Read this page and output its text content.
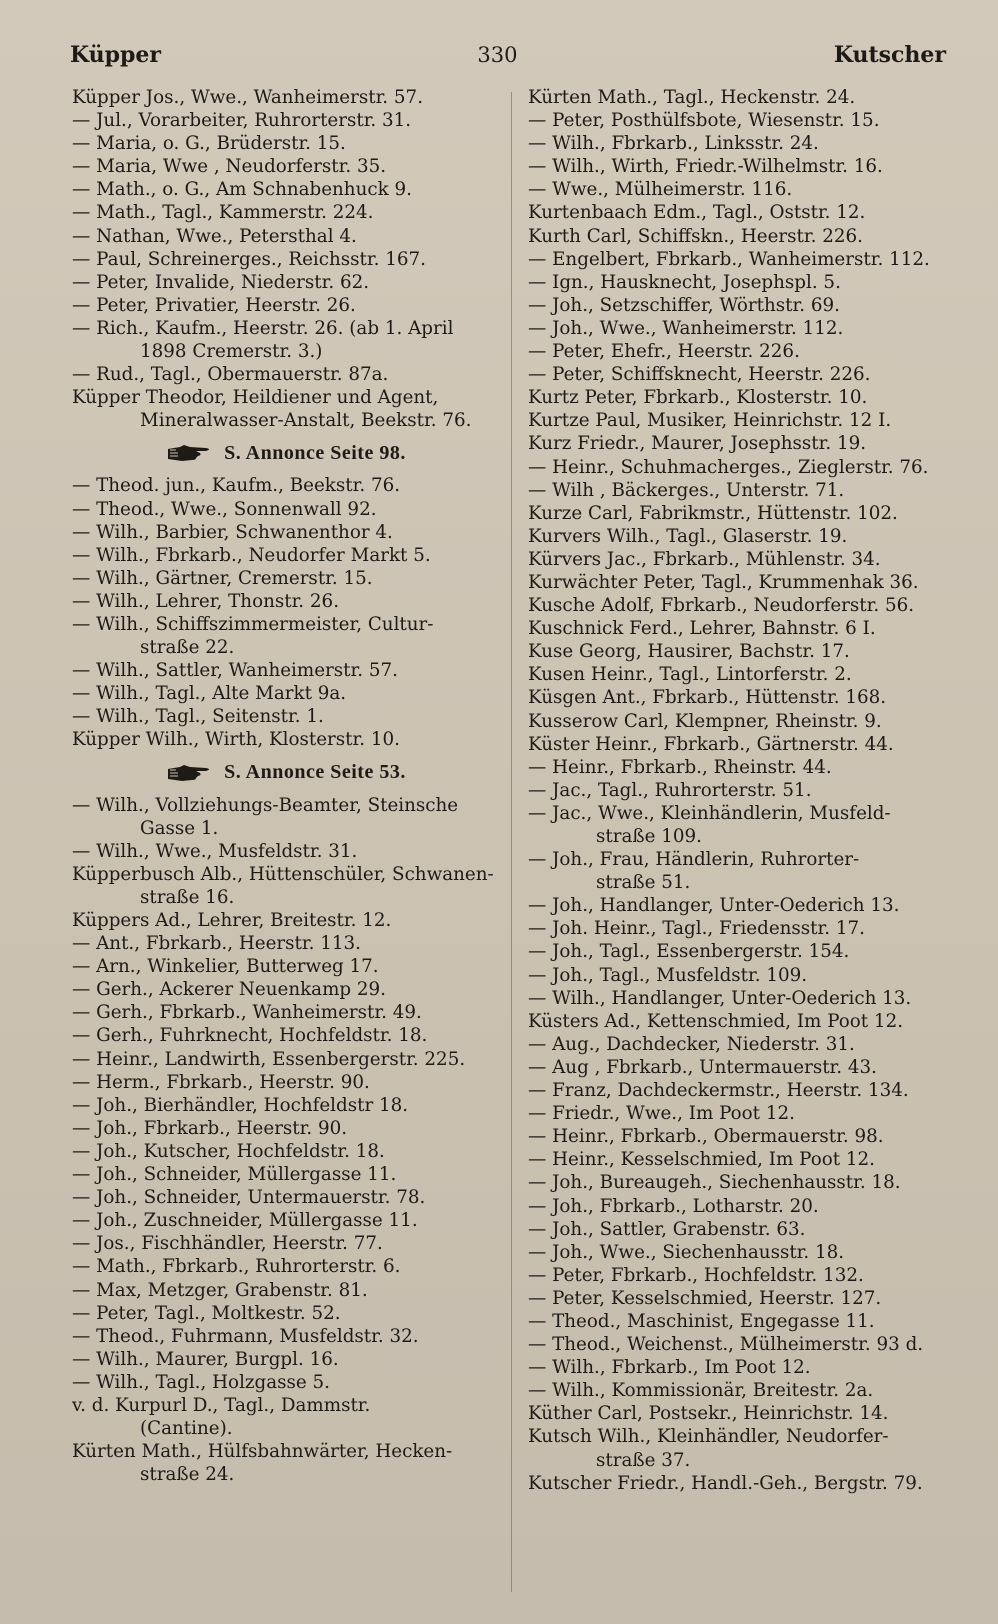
Küpper	330	Kutscher
Küpper Jos., Wwe., Wanheimerstr. 57.
— Jul., Vorarbeiter, Ruhrorterstr. 31.
— Maria, o. G., Brüderstr. 15.
— Maria, Wwe , Neudorferstr. 35.
— Math., o. G., Am Schnabenhuck 9.
— Math., Tagl., Kammerstr. 224.
— Nathan, Wwe., Petersthal 4.
— Paul, Schreinerges., Reichsstr. 167.
— Peter, Invalide, Niederstr. 62.
— Peter, Privatier, Heerstr. 26.
— Rich., Kaufm., Heerstr. 26. (ab 1. April
1898 Cremerstr. 3.)
— Rud., Tagl., Obermauerstr. 87a.
Küpper Theodor, Heildiener und Agent,
Mineralwasser-Anstalt, Beekstr. 76.
S. Annonce Seite 98.
— Theod. jun., Kaufm., Beekstr. 76.
— Theod., Wwe., Sonnenwall 92.
— Wilh., Barbier, Schwanenthor 4.
— Wilh., Fbrkarb., Neudorfer Markt 5.
— Wilh., Gärtner, Cremerstr. 15.
— Wilh., Lehrer, Thonstr. 26.
— Wilh., Schiffszimmermeister, Cultur-
straße 22.
— Wilh., Sattler, Wanheimerstr. 57.
— Wilh., Tagl., Alte Markt 9a.
— Wilh., Tagl., Seitenstr. 1.
Küpper Wilh., Wirth, Klosterstr. 10.
S. Annonce Seite 53.
— Wilh., Vollziehungs-Beamter, Steinsche
Gasse 1.
— Wilh., Wwe., Musfeldstr. 31.
Küpperbusch Alb., Hüttenschüler, Schwanen-
straße 16.
Küppers Ad., Lehrer, Breitestr. 12.
— Ant., Fbrkarb., Heerstr. 113.
— Arn., Winkelier, Butterweg 17.
— Gerh., Ackerer Neuenkamp 29.
— Gerh., Fbrkarb., Wanheimerstr. 49.
— Gerh., Fuhrknecht, Hochfeldstr. 18.
— Heinr., Landwirth, Essenbergerstr. 225.
— Herm., Fbrkarb., Heerstr. 90.
— Joh., Bierhändler, Hochfeldstr 18.
— Joh., Fbrkarb., Heerstr. 90.
— Joh., Kutscher, Hochfeldstr. 18.
— Joh., Schneider, Müllergasse 11.
— Joh., Schneider, Untermauerstr. 78.
— Joh., Zuschneider, Müllergasse 11.
— Jos., Fischhändler, Heerstr. 77.
— Math., Fbrkarb., Ruhrorterstr. 6.
— Max, Metzger, Grabenstr. 81.
— Peter, Tagl., Moltkestr. 52.
— Theod., Fuhrmann, Musfeldstr. 32.
— Wilh., Maurer, Burgpl. 16.
— Wilh., Tagl., Holzgasse 5.
v. d. Kurpurl D., Tagl., Dammstr.
(Cantine).
Kürten Math., Hülfsbahnwärter, Hecken-
straße 24.
Kürten Math., Tagl., Heckenstr. 24.
— Peter, Posthülfsbote, Wiesenstr. 15.
— Wilh., Fbrkarb., Linksstr. 24.
— Wilh., Wirth, Friedr.-Wilhelmstr. 16.
— Wwe., Mülheimerstr. 116.
Kurtenbaach Edm., Tagl., Oststr. 12.
Kurth Carl, Schiffskn., Heerstr. 226.
— Engelbert, Fbrkarb., Wanheimerstr. 112.
— Ign., Hausknecht, Josephspl. 5.
— Joh., Setzschiffer, Wörthstr. 69.
— Joh., Wwe., Wanheimerstr. 112.
— Peter, Ehefr., Heerstr. 226.
— Peter, Schiffsknecht, Heerstr. 226.
Kurtz Peter, Fbrkarb., Klosterstr. 10.
Kurtze Paul, Musiker, Heinrichstr. 12 I.
Kurz Friedr., Maurer, Josephsstr. 19.
— Heinr., Schuhmacherges., Zieglerstr. 76.
— Wilh , Bäckerges., Unterstr. 71.
Kurze Carl, Fabrikmstr., Hüttenstr. 102.
Kurvers Wilh., Tagl., Glaserstr. 19.
Kürvers Jac., Fbrkarb., Mühlenstr. 34.
Kurwächter Peter, Tagl., Krummenhak 36.
Kusche Adolf, Fbrkarb., Neudorferstr. 56.
Kuschnick Ferd., Lehrer, Bahnstr. 6 I.
Kuse Georg, Hausirer, Bachstr. 17.
Kusen Heinr., Tagl., Lintorferstr. 2.
Küsgen Ant., Fbrkarb., Hüttenstr. 168.
Kusserow Carl, Klempner, Rheinstr. 9.
Küster Heinr., Fbrkarb., Gärtnerstr. 44.
— Heinr., Fbrkarb., Rheinstr. 44.
— Jac., Tagl., Ruhrorterstr. 51.
— Jac., Wwe., Kleinhändlerin, Musfeld-
straße 109.
— Joh., Frau, Händlerin, Ruhrorter-
straße 51.
— Joh., Handlanger, Unter-Oederich 13.
— Joh. Heinr., Tagl., Friedensstr. 17.
— Joh., Tagl., Essenbergerstr. 154.
— Joh., Tagl., Musfeldstr. 109.
— Wilh., Handlanger, Unter-Oederich 13.
Küsters Ad., Kettenschmied, Im Poot 12.
— Aug., Dachdecker, Niederstr. 31.
— Aug , Fbrkarb., Untermauerstr. 43.
— Franz, Dachdeckermstr., Heerstr. 134.
— Friedr., Wwe., Im Poot 12.
— Heinr., Fbrkarb., Obermauerstr. 98.
— Heinr., Kesselschmied, Im Poot 12.
— Joh., Bureaugeh., Siechenhausstr. 18.
— Joh., Fbrkarb., Lotharstr. 20.
— Joh., Sattler, Grabenstr. 63.
— Joh., Wwe., Siechenhausstr. 18.
— Peter, Fbrkarb., Hochfeldstr. 132.
— Peter, Kesselschmied, Heerstr. 127.
— Theod., Maschinist, Engegasse 11.
— Theod., Weichenst., Mülheimerstr. 93 d.
— Wilh., Fbrkarb., Im Poot 12.
— Wilh., Kommissionär, Breitestr. 2a.
Küther Carl, Postsekr., Heinrichstr. 14.
Kutsch Wilh., Kleinhändler, Neudorfer-
straße 37.
Kutscher Friedr., Handl.-Geh., Bergstr. 79.
